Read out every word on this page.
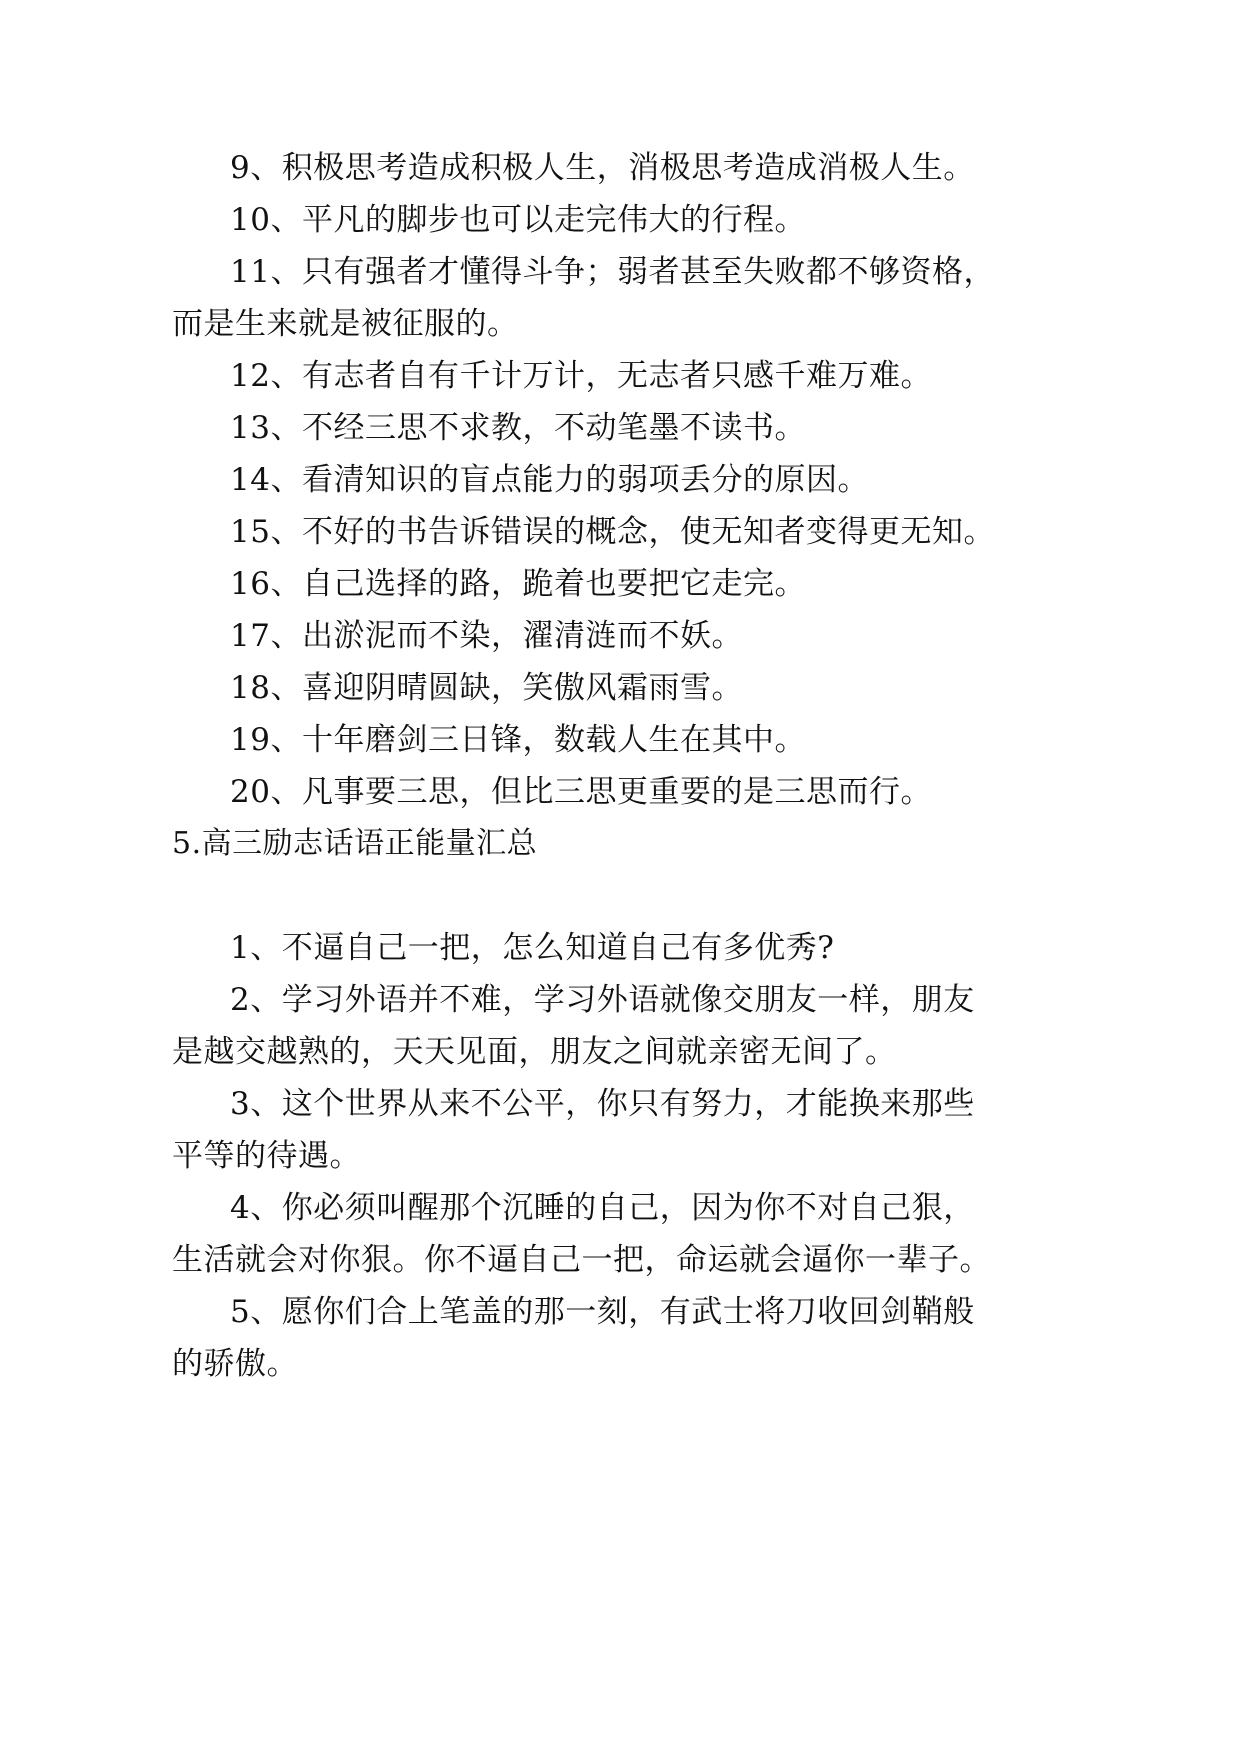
9、积极思考造成积极人生，消极思考造成消极人生。
10、平凡的脚步也可以走完伟大的行程。
11、只有强者才懂得斗争；弱者甚至失败都不够资格，
而是生来就是被征服的。
12、有志者自有千计万计，无志者只感千难万难。
13、不经三思不求教，不动笔墨不读书。
14、看清知识的盲点能力的弱项丢分的原因。
15、不好的书告诉错误的概念，使无知者变得更无知。
16、自己选择的路，跪着也要把它走完。
17、出淤泥而不染，濯清涟而不妖。
18、喜迎阴晴圆缺，笑傲风霜雨雪。
19、十年磨剑三日锋，数载人生在其中。
20、凡事要三思，但比三思更重要的是三思而行。
5.高三励志话语正能量汇总
1、不逼自己一把，怎么知道自己有多优秀?
2、学习外语并不难，学习外语就像交朋友一样，朋友
是越交越熟的，天天见面，朋友之间就亲密无间了。
3、这个世界从来不公平，你只有努力，才能换来那些
平等的待遇。
4、你必须叫醒那个沉睡的自己，因为你不对自己狠，
生活就会对你狠。你不逼自己一把，命运就会逼你一辈子。
5、愿你们合上笔盖的那一刻，有武士将刀收回剑鞘般
的骄傲。
